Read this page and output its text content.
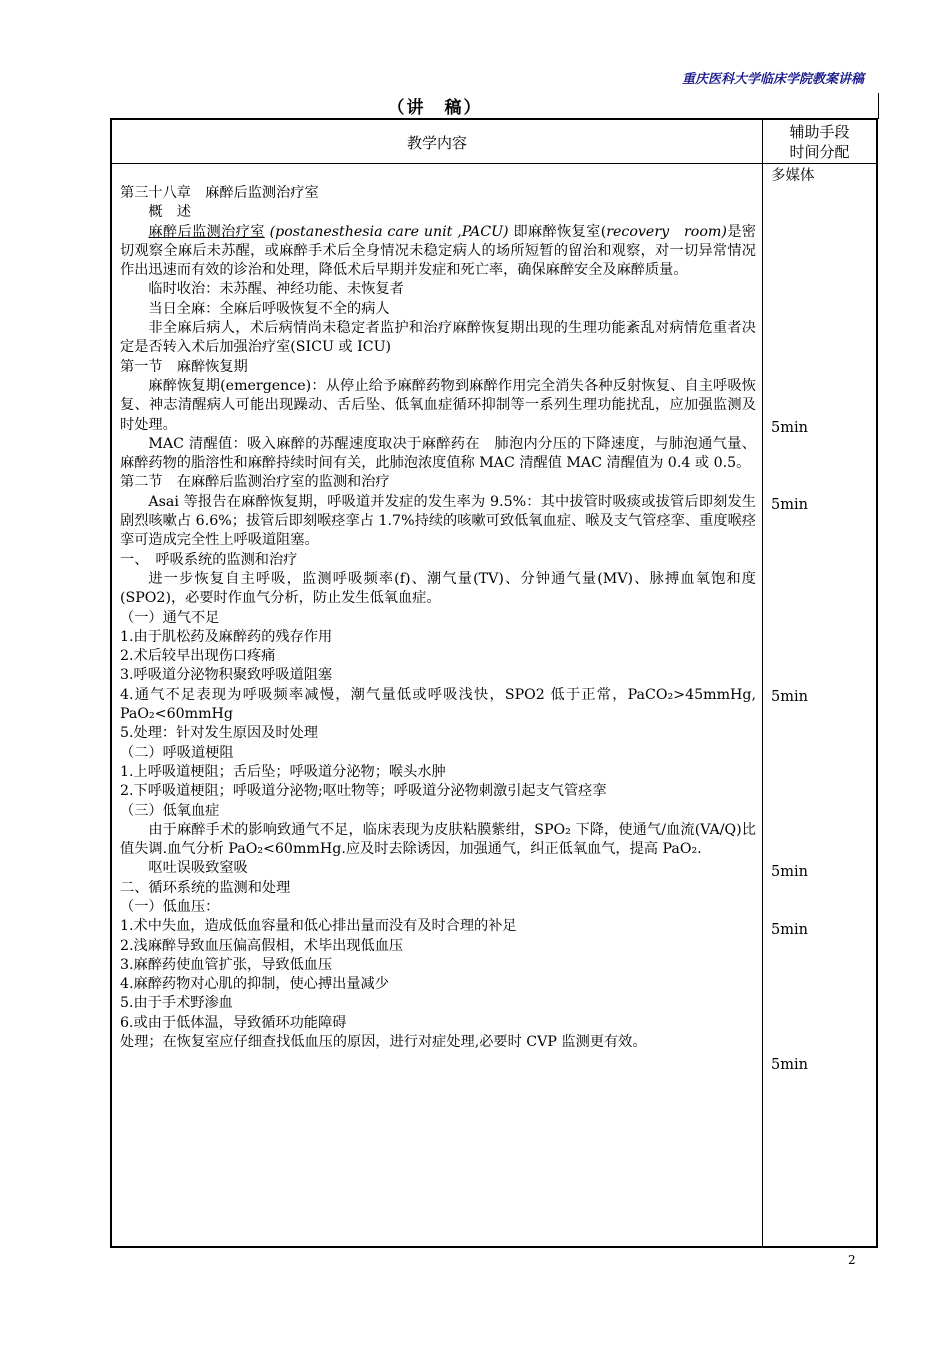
重庆医科大学临床学院教案讲稿
（讲　稿）
教学内容
辅助手段
时间分配

第三十八章　麻醉后监测治疗室

概　述

麻醉后监测治疗室 (postanesthesia care unit ,PACU) 即麻醉恢复室(recovery　room)是密切观察全麻后未苏醒，或麻醉手术后全身情况未稳定病人的场所短暂的留治和观察，对一切异常情况作出迅速而有效的诊治和处理，降低术后早期并发症和死亡率，确保麻醉安全及麻醉质量。

临时收治：未苏醒、神经功能、未恢复者

当日全麻：全麻后呼吸恢复不全的病人

非全麻后病人，术后病情尚未稳定者监护和治疗麻醉恢复期出现的生理功能紊乱对病情危重者决定是否转入术后加强治疗室(SICU 或 ICU)

第一节　麻醉恢复期

麻醉恢复期(emergence)：从停止给予麻醉药物到麻醉作用完全消失各种反射恢复、自主呼吸恢复、神志清醒病人可能出现躁动、舌后坠、低氧血症循环抑制等一系列生理功能扰乱，应加强监测及时处理。

MAC 清醒值：吸入麻醉的苏醒速度取决于麻醉药在　肺泡内分压的下降速度，与肺泡通气量、麻醉药物的脂溶性和麻醉持续时间有关，此肺泡浓度值称 MAC 清醒值 MAC 清醒值为 0.4 或 0.5。

第二节　在麻醉后监测治疗室的监测和治疗

Asai 等报告在麻醉恢复期，呼吸道并发症的发生率为 9.5%：其中拔管时吸痰或拔管后即刻发生剧烈咳嗽占 6.6%；拔管后即刻喉痉挛占 1.7%持续的咳嗽可致低氧血症、喉及支气管痉挛、重度喉痉挛可造成完全性上呼吸道阻塞。

一、　呼吸系统的监测和治疗

进一步恢复自主呼吸，监测呼吸频率(f)、潮气量(TV)、分钟通气量(MV)、脉搏血氧饱和度(SPO2)，必要时作血气分析，防止发生低氧血症。

（一）通气不足

1.由于肌松药及麻醉药的残存作用

2.术后较早出现伤口疼痛

3.呼吸道分泌物积聚致呼吸道阻塞

4.通气不足表现为呼吸频率减慢，潮气量低或呼吸浅快，SPO2 低于正常，PaCO₂>45mmHg, PaO₂<60mmHg

5.处理：针对发生原因及时处理

（二）呼吸道梗阻

1.上呼吸道梗阻；舌后坠；呼吸道分泌物；喉头水肿

2.下呼吸道梗阻；呼吸道分泌物;呕吐物等；呼吸道分泌物刺激引起支气管痉挛

（三）低氧血症

由于麻醉手术的影响致通气不足，临床表现为皮肤粘膜紫绀，SPO₂ 下降，使通气/血流(VA/Q)比值失调.血气分析 PaO₂<60mmHg.应及时去除诱因，加强通气，纠正低氧血气，提高 PaO₂.

呕吐误吸致窒吸

二、循环系统的监测和处理

（一）低血压：

1.术中失血，造成低血容量和低心排出量而没有及时合理的补足

2.浅麻醉导致血压偏高假相，术毕出现低血压

3.麻醉药使血管扩张，导致低血压

4.麻醉药物对心肌的抑制，使心搏出量减少

5.由于手术野渗血

6.或由于低体温，导致循环功能障碍

处理；在恢复室应仔细查找低血压的原因，进行对症处理,必要时 CVP 监测更有效。

多媒体
5min
5min
5min
5min
5min
5min
2
